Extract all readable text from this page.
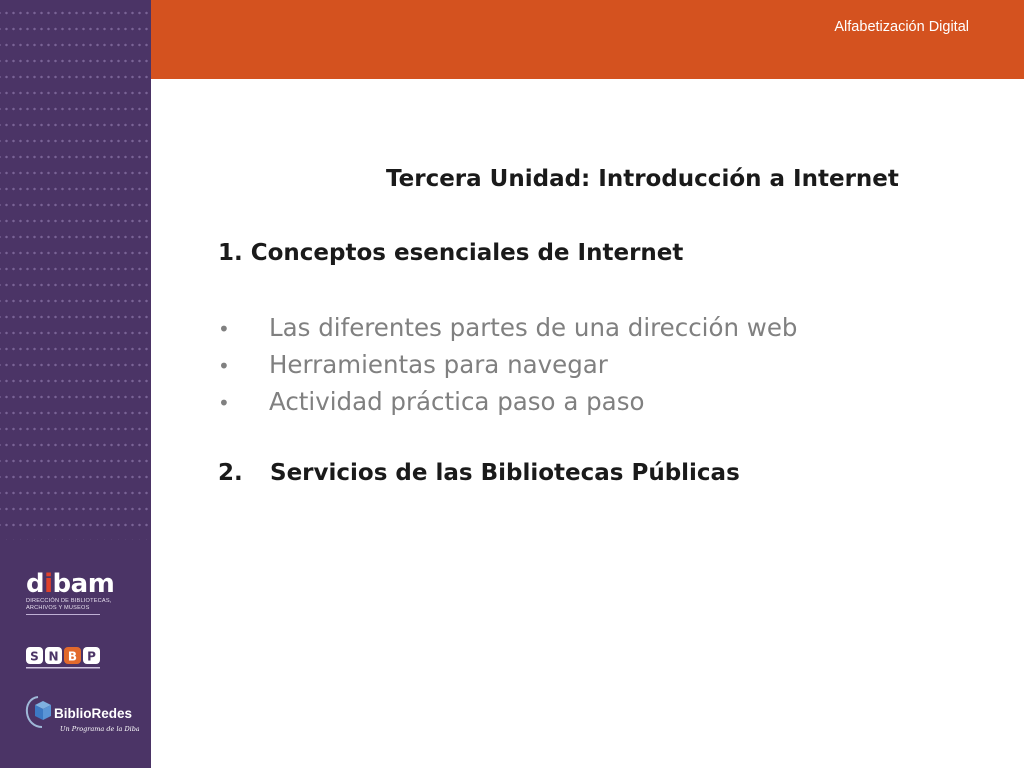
Alfabetización Digital
Tercera Unidad: Introducción a Internet
1. Conceptos esenciales de Internet
•	Las diferentes partes de una dirección web
•	Herramientas para navegar
•	Actividad práctica paso a paso
2.	Servicios de las Bibliotecas Públicas
dibam
DIRECCIÓN DE BIBLIOTECAS,
ARCHIVOS Y MUSEOS
S N B P
BiblioRedes
Un Programa de la Dibam
